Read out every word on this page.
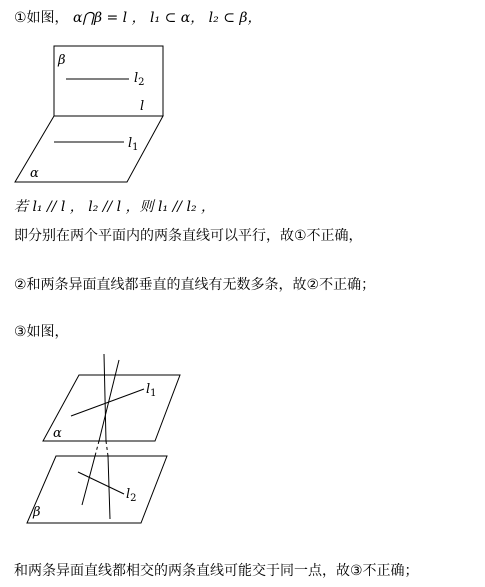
①如图， α⋂β = l ， l₁ ⊂ α， l₂ ⊂ β，
β
$l_2$
l
$l_1$
α
若 l₁ // l ， l₂ // l ，则 l₁ // l₂ ，
即分别在两个平面内的两条直线可以平行，故①不正确，
②和两条异面直线都垂直的直线有无数多条，故②不正确；
③如图，
$l_1$
α
$l_2$
β
和两条异面直线都相交的两条直线可能交于同一点，故③不正确；
